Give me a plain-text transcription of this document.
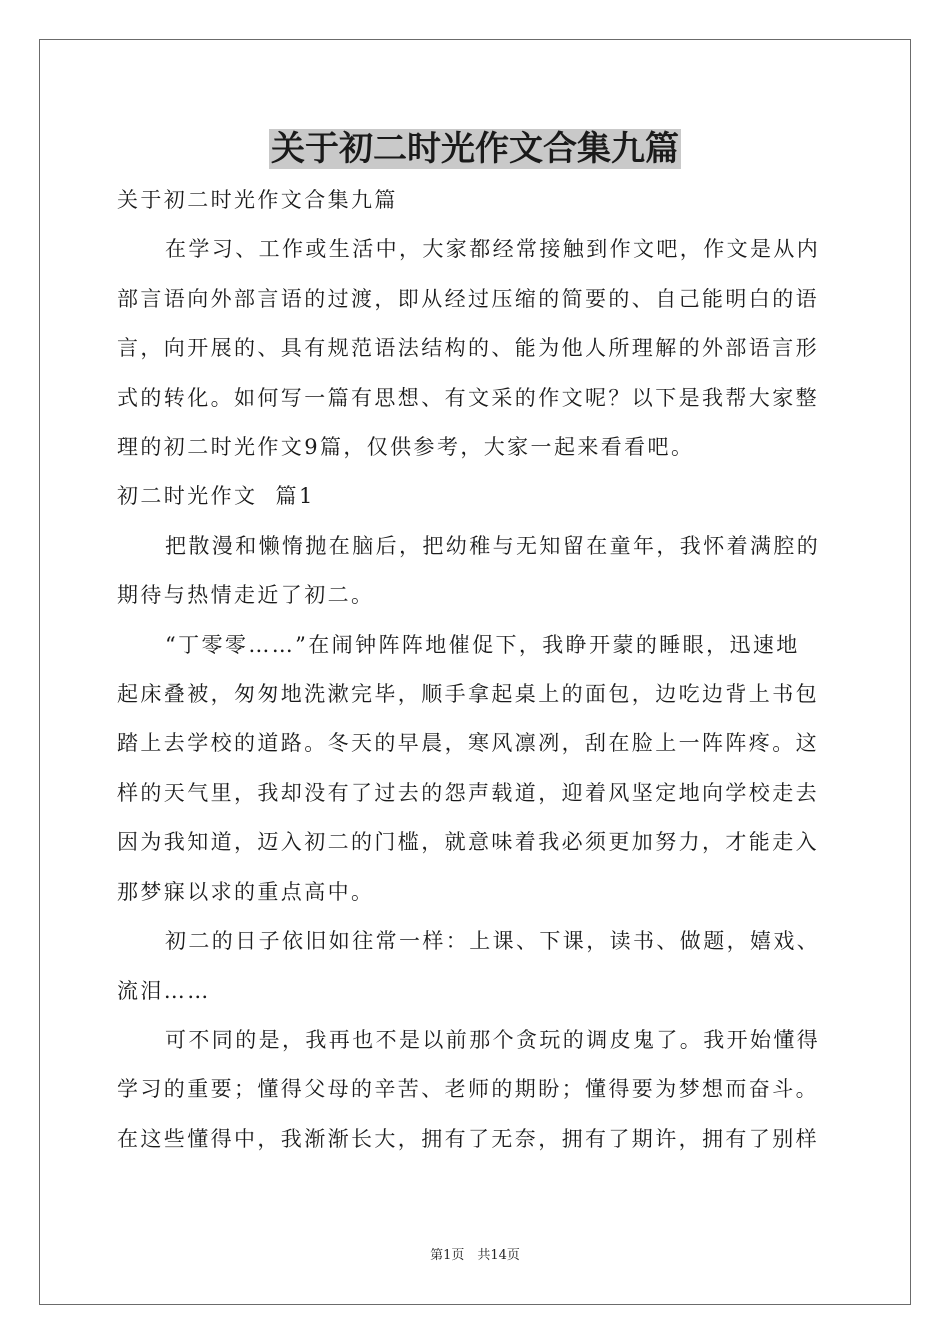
关于初二时光作文合集九篇

关于初二时光作文合集九篇

在学习、工作或生活中，大家都经常接触到作文吧，作文是从内

部言语向外部言语的过渡，即从经过压缩的简要的、自己能明白的语

言，向开展的、具有规范语法结构的、能为他人所理解的外部语言形

式的转化。如何写一篇有思想、有文采的作文呢？以下是我帮大家整

理的初二时光作文9篇，仅供参考，大家一起来看看吧。

初二时光作文  篇1

把散漫和懒惰抛在脑后，把幼稚与无知留在童年，我怀着满腔的

期待与热情走近了初二。

“丁零零……”在闹钟阵阵地催促下，我睁开蒙的睡眼，迅速地

起床叠被，匆匆地洗漱完毕，顺手拿起桌上的面包，边吃边背上书包

踏上去学校的道路。冬天的早晨，寒风凛冽，刮在脸上一阵阵疼。这

样的天气里，我却没有了过去的怨声载道，迎着风坚定地向学校走去

因为我知道，迈入初二的门槛，就意味着我必须更加努力，才能走入

那梦寐以求的重点高中。

初二的日子依旧如往常一样：上课、下课，读书、做题，嬉戏、

流泪……

可不同的是，我再也不是以前那个贪玩的调皮鬼了。我开始懂得

学习的重要；懂得父母的辛苦、老师的期盼；懂得要为梦想而奋斗。

在这些懂得中，我渐渐长大，拥有了无奈，拥有了期许，拥有了别样

第1页　共14页
